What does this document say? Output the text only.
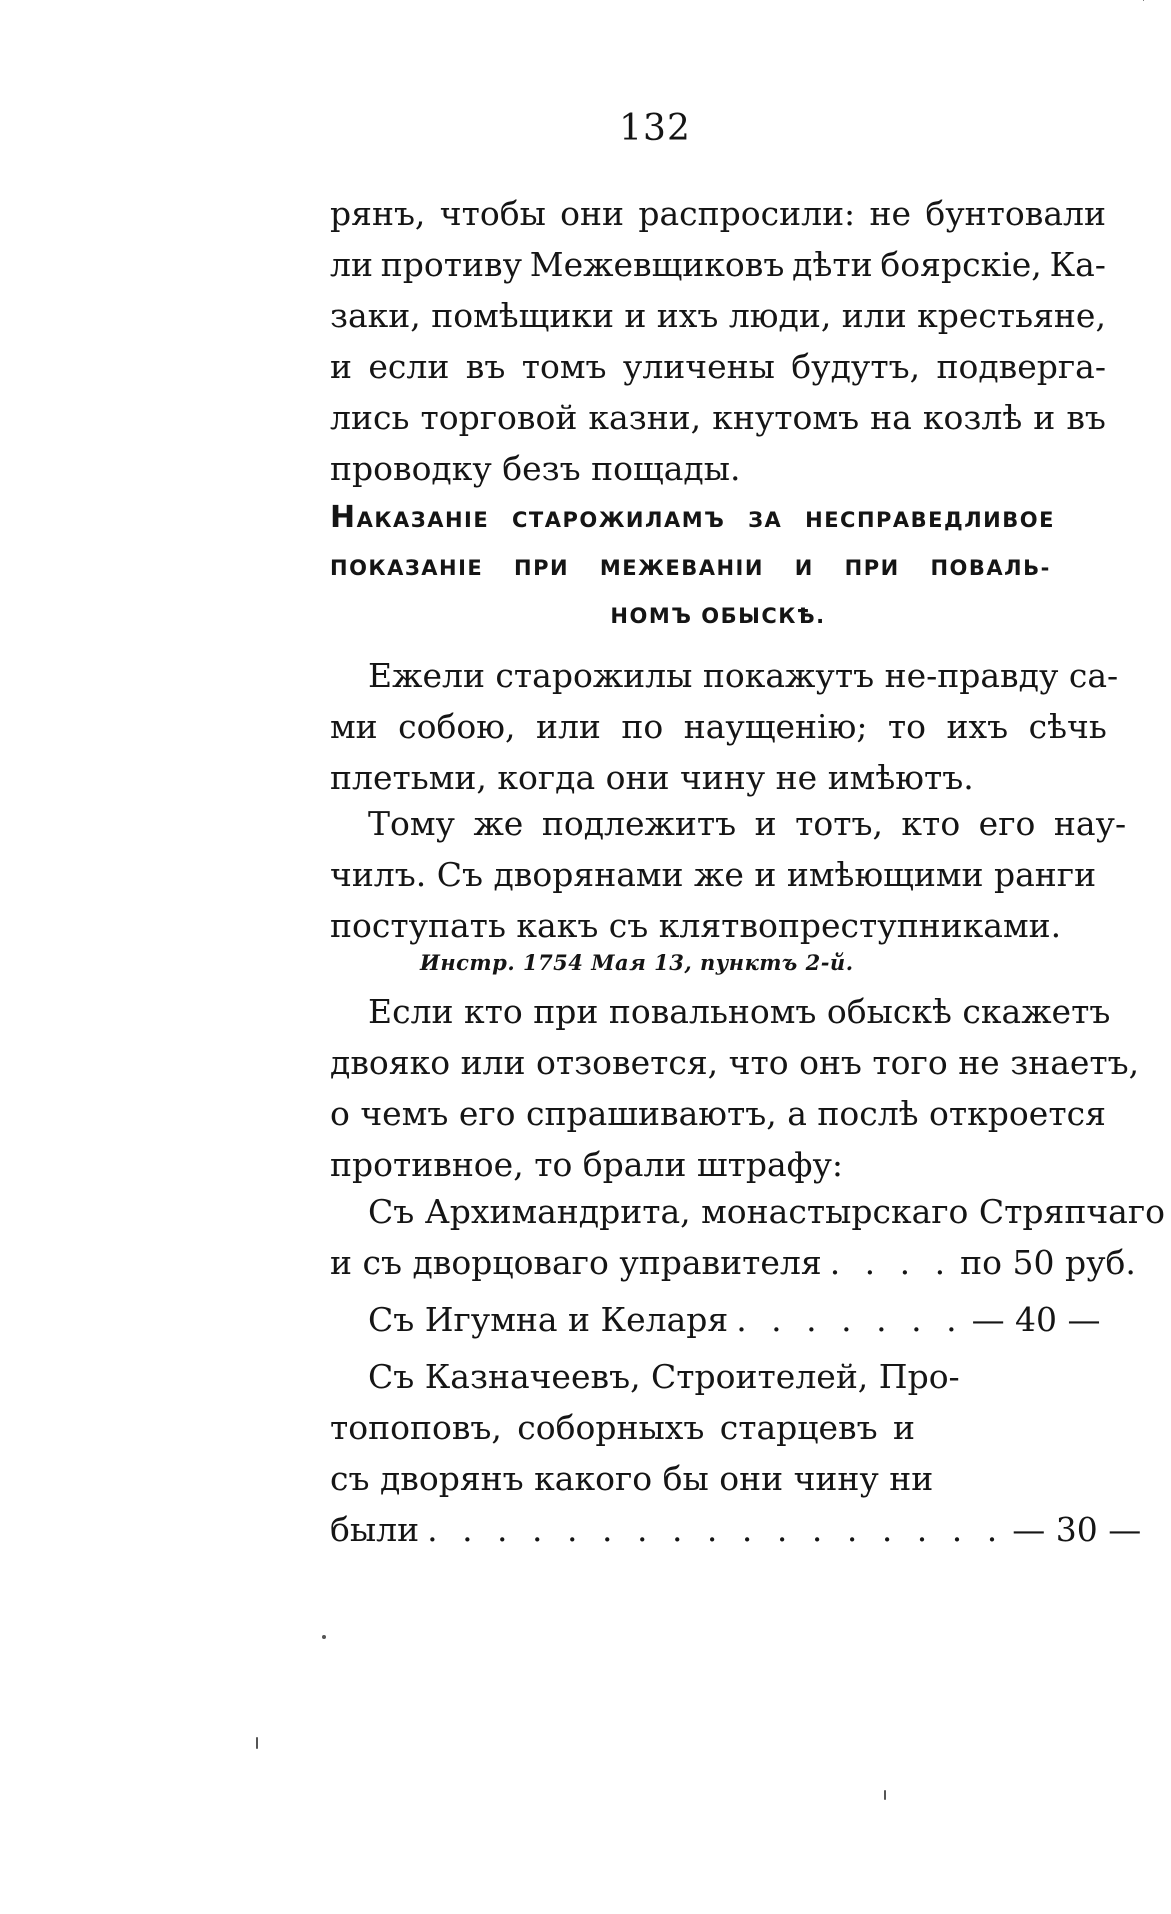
132
рянъ, чтобы они распросили: не бунтовали
ли противу Межевщиковъ дѣти боярскіе, Ка-
заки, помѣщики и ихъ люди, или крестьяне,
и если въ томъ уличены будутъ, подверга-
лись торговой казни, кнутомъ на козлѣ и въ
проводку безъ пощады.
НАКАЗАНІЕ СТАРОЖИЛАМЪ ЗА НЕСПРАВЕДЛИВОЕ
ПОКАЗАНІЕ ПРИ МЕЖЕВАНІИ И ПРИ ПОВАЛЬ-
НОМЪ ОБЫСКѢ.
Ежели старожилы покажутъ не-правду са-
ми собою, или по наущенію; то ихъ сѣчь
плетьми, когда они чину не имѣютъ.
Тому же подлежитъ и тотъ, кто его нау-
чилъ. Съ дворянами же и имѣющими ранги
поступать какъ съ клятвопреступниками.
Инстр. 1754 Мая 13, пунктъ 2-й.
Если кто при повальномъ обыскѣ скажетъ
двояко или отзовется, что онъ того не знаетъ,
о чемъ его спрашиваютъ, а послѣ откроется
противное, то брали штрафу:
Съ Архимандрита, монастырскаго Стряпчаго
и съ дворцоваго управителя . . . . по 50 руб.
Съ Игумна и Келаря . . . . . . . — 40 —
Съ Казначеевъ, Строителей, Про-
топоповъ, соборныхъ старцевъ и
съ дворянъ какого бы они чину ни
были . . . . . . . . . . . . . . . . . — 30 —
